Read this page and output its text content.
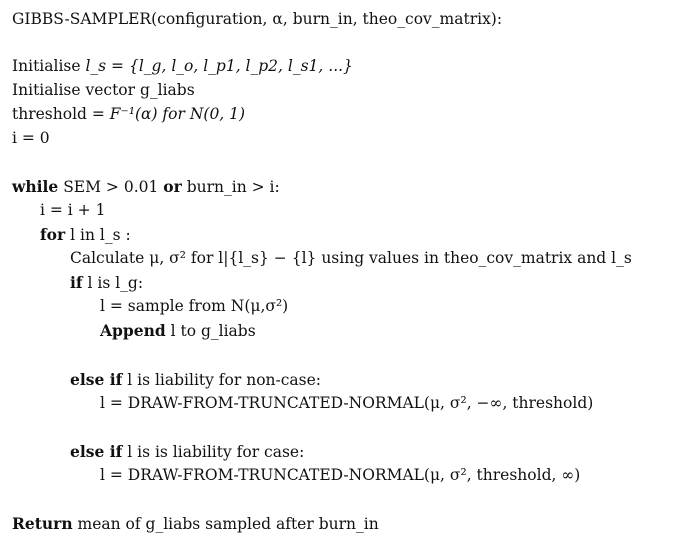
GIBBS-SAMPLER(configuration, α, burn_in, theo_cov_matrix):
Initialise l_s = {l_g, l_o, l_p1, l_p2, l_s1, ...}
Initialise vector g_liabs
threshold = F⁻¹(α) for N(0, 1)
i = 0
while SEM > 0.01 or burn_in > i:
i = i + 1
for l in l_s :
Calculate μ, σ² for l|{l_s} − {l} using values in theo_cov_matrix and l_s
if l is l_g:
l = sample from N(μ,σ²)
Append l to g_liabs
else if l is liability for non-case:
l = DRAW-FROM-TRUNCATED-NORMAL(μ, σ², −∞, threshold)
else if l is is liability for case:
l = DRAW-FROM-TRUNCATED-NORMAL(μ, σ², threshold, ∞)
Return mean of g_liabs sampled after burn_in
